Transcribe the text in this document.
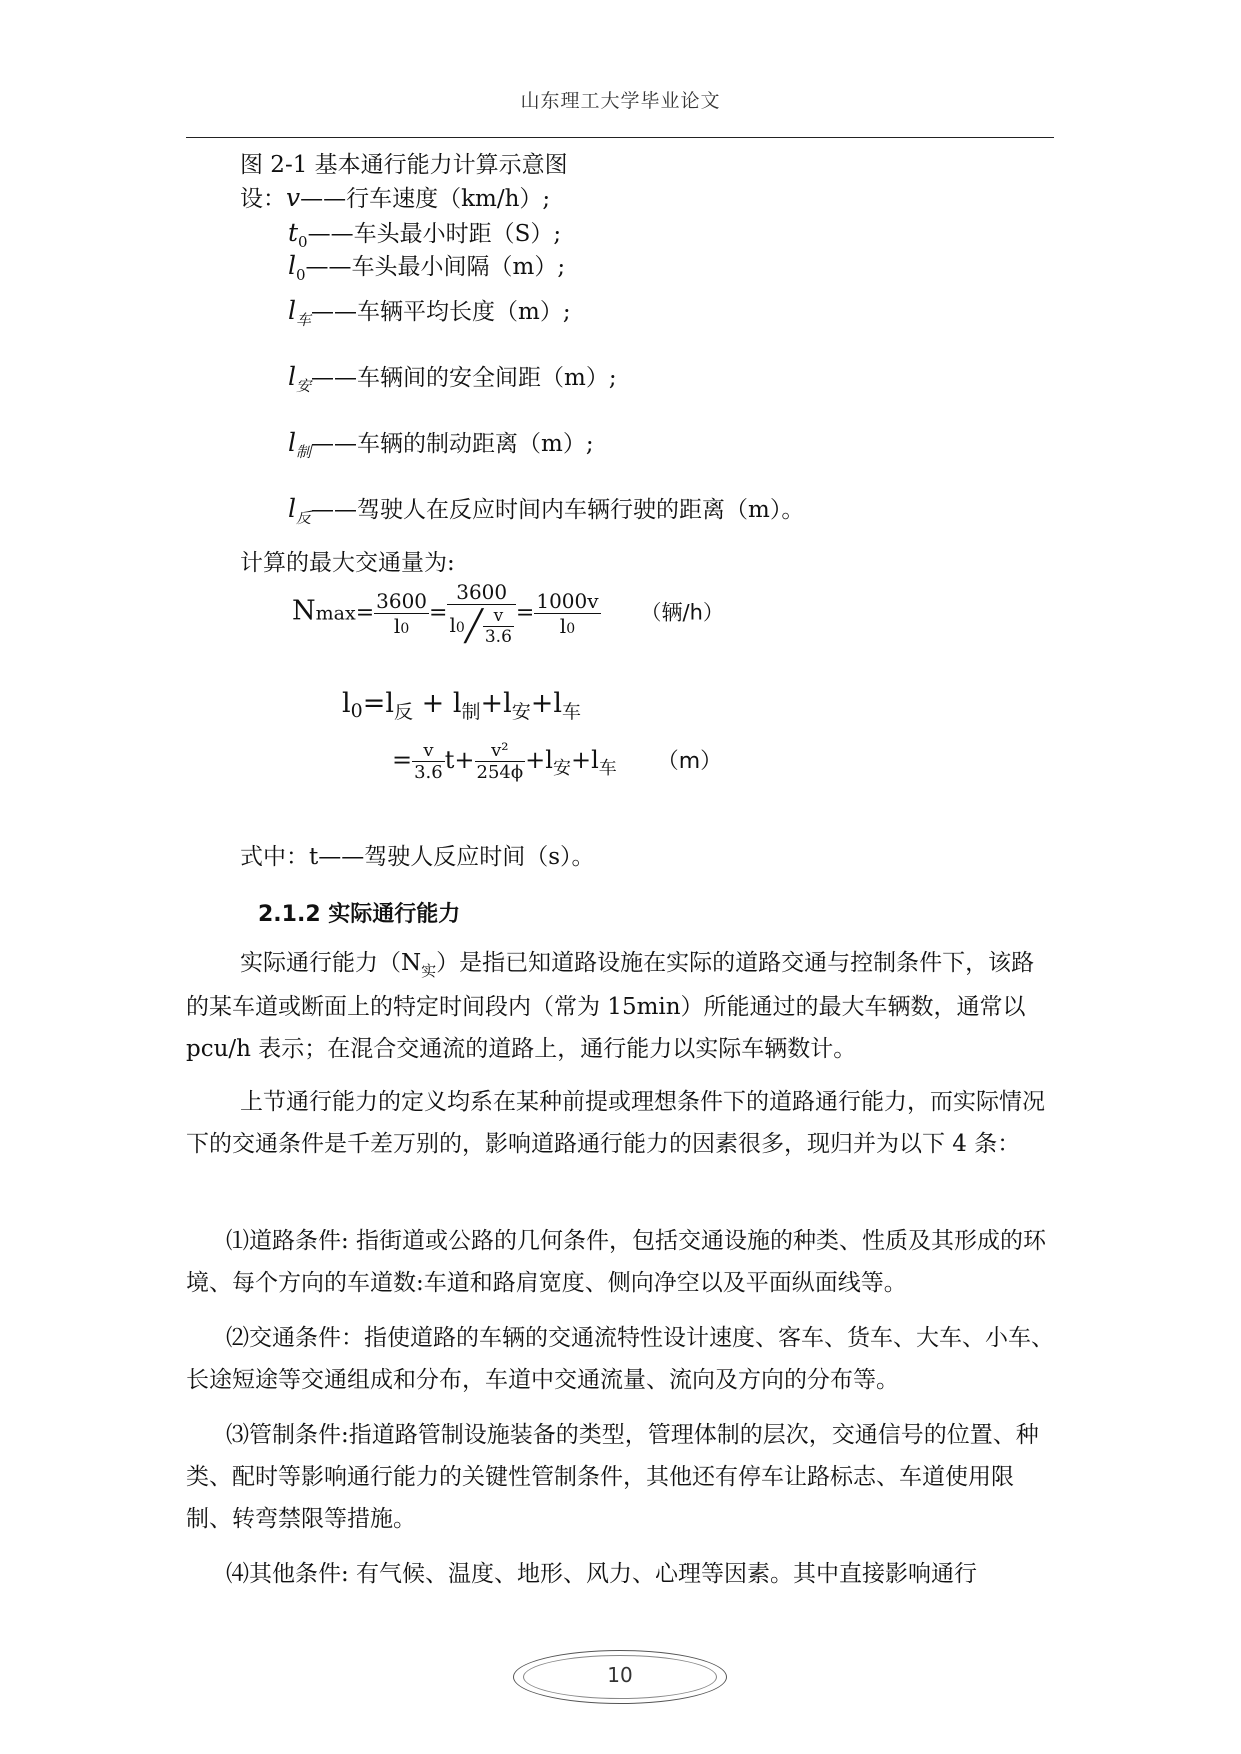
山东理工大学毕业论文
图 2-1 基本通行能力计算示意图
设：v——行车速度（km/h）;
$t_0——$车头最小时距（S）;
$l_0——$车头最小间隔（m）;
$l_车——$车辆平均长度（m）;
$l_安——$车辆间的安全间距（m）;
$l_制——$车辆的制动距离（m）;
$l_反——$驾驶人在反应时间内车辆行驶的距离（m）。
计算的最大交通量为:
$Nmax= \frac{3600}{l0} = \frac{3600}{l0╱ \frac{v}{3.6}} = \frac{1000v}{l0}$ （辆/h）
$l0=l_反 + l_制+l_安+l_车$
= $\frac{v}{3.6} t+ \frac{\text{v²}}{254\phi} +l_安+l_车$ （m）
式中：t——驾驶人反应时间（s）。
2.1.2 实际通行能力
实际通行能力$(N_实)$是指已知道路设施在实际的道路交通与控制条件下，该路的某车道或断面上的特定时间段内（常为 15min）所能通过的最大车辆数，通常以 pcu/h 表示；在混合交通流的道路上，通行能力以实际车辆数计。
上节通行能力的定义均系在某种前提或理想条件下的道路通行能力，而实际情况下的交通条件是千差万别的，影响道路通行能力的因素很多，现归并为以下 4 条：
⑴道路条件: 指街道或公路的几何条件，包括交通设施的种类、性质及其形成的环境、每个方向的车道数:车道和路肩宽度、侧向净空以及平面纵面线等。
⑵交通条件：指使道路的车辆的交通流特性设计速度、客车、货车、大车、小车、长途短途等交通组成和分布，车道中交通流量、流向及方向的分布等。
⑶管制条件:指道路管制设施装备的类型，管理体制的层次，交通信号的位置、种类、配时等影响通行能力的关键性管制条件，其他还有停车让路标志、车道使用限制、转弯禁限等措施。
⑷其他条件: 有气候、温度、地形、风力、心理等因素。其中直接影响通行
10
